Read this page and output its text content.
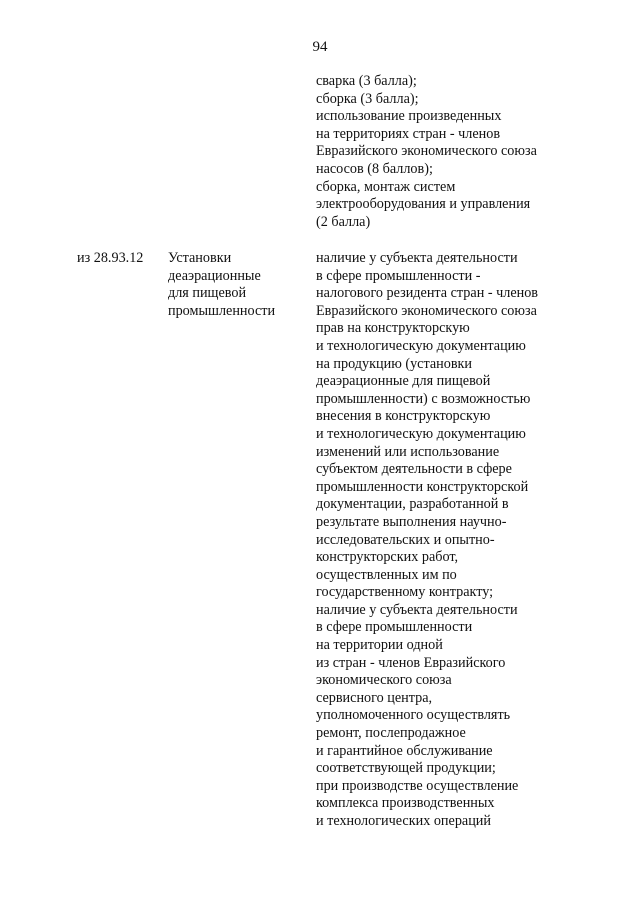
94
сварка (3 балла);
сборка (3 балла);
использование произведенных
на территориях стран - членов
Евразийского экономического союза
насосов (8 баллов);
сборка, монтаж систем
электрооборудования и управления
(2 балла)
из 28.93.12 Установки
деаэрационные
для пищевой
промышленности
наличие у субъекта деятельности
в сфере промышленности -
налогового резидента стран - членов
Евразийского экономического союза
прав на конструкторскую
и технологическую документацию
на продукцию (установки
деаэрационные для пищевой
промышленности) с возможностью
внесения в конструкторскую
и технологическую документацию
изменений или использование
субъектом деятельности в сфере
промышленности конструкторской
документации, разработанной в
результате выполнения научно-
исследовательских и опытно-
конструкторских работ,
осуществленных им по
государственному контракту;
наличие у субъекта деятельности
в сфере промышленности
на территории одной
из стран - членов Евразийского
экономического союза
сервисного центра,
уполномоченного осуществлять
ремонт, послепродажное
и гарантийное обслуживание
соответствующей продукции;
при производстве осуществление
комплекса производственных
и технологических операций
